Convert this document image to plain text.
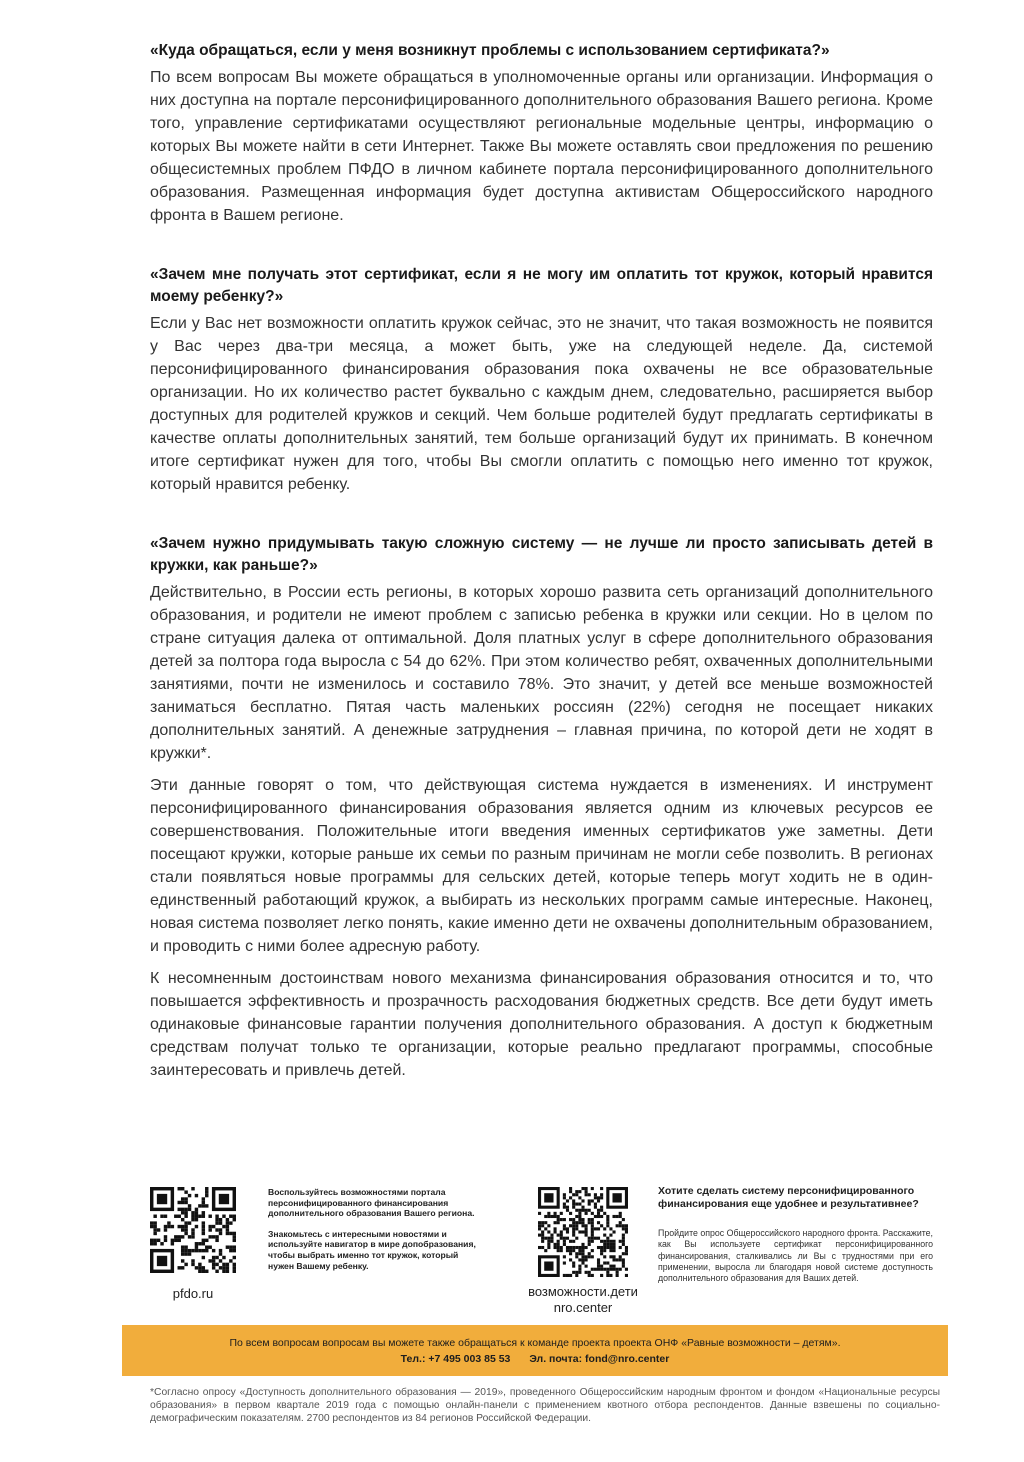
«Куда обращаться, если у меня возникнут проблемы с использованием сертификата?»

По всем вопросам Вы можете обращаться в уполномоченные органы или организации. Информация о них доступна на портале персонифицированного дополнительного образования Вашего региона. Кроме того, управление сертификатами осуществляют региональные модельные центры, информацию о которых Вы можете найти в сети Интернет. Также Вы можете оставлять свои предложения по решению общесистемных проблем ПФДО в личном кабинете портала персонифицированного дополнительного образования. Размещенная информация будет доступна активистам Общероссийского народного фронта в Вашем регионе.

«Зачем мне получать этот сертификат, если я не могу им оплатить тот кружок, который нравится моему ребенку?»

Если у Вас нет возможности оплатить кружок сейчас, это не значит, что такая возможность не появится у Вас через два-три месяца, а может быть, уже на следующей неделе. Да, системой персонифицированного финансирования образования пока охвачены не все образовательные организации. Но их количество растет буквально с каждым днем, следовательно, расширяется выбор доступных для родителей кружков и секций. Чем больше родителей будут предлагать сертификаты в качестве оплаты дополнительных занятий, тем больше организаций будут их принимать. В конечном итоге сертификат нужен для того, чтобы Вы смогли оплатить с помощью него именно тот кружок, который нравится ребенку.

«Зачем нужно придумывать такую сложную систему — не лучше ли просто записывать детей в кружки, как раньше?»

Действительно, в России есть регионы, в которых хорошо развита сеть организаций дополнительного образования, и родители не имеют проблем с записью ребенка в кружки или секции. Но в целом по стране ситуация далека от оптимальной. Доля платных услуг в сфере дополнительного образования детей за полтора года выросла с 54 до 62%. При этом количество ребят, охваченных дополнительными занятиями, почти не изменилось и составило 78%. Это значит, у детей все меньше возможностей заниматься бесплатно. Пятая часть маленьких россиян (22%) сегодня не посещает никаких дополнительных занятий. А денежные затруднения – главная причина, по которой дети не ходят в кружки*.

Эти данные говорят о том, что действующая система нуждается в изменениях. И инструмент персонифицированного финансирования образования является одним из ключевых ресурсов ее совершенствования. Положительные итоги введения именных сертификатов уже заметны. Дети посещают кружки, которые раньше их семьи по разным причинам не могли себе позволить. В регионах стали появляться новые программы для сельских детей, которые теперь могут ходить не в один-единственный работающий кружок, а выбирать из нескольких программ самые интересные. Наконец, новая система позволяет легко понять, какие именно дети не охвачены дополнительным образованием, и проводить с ними более адресную работу.

К несомненным достоинствам нового механизма финансирования образования относится и то, что повышается эффективность и прозрачность расходования бюджетных средств. Все дети будут иметь одинаковые финансовые гарантии получения дополнительного образования. А доступ к бюджетным средствам получат только те организации, которые реально предлагают программы, способные заинтересовать и привлечь детей.

pfdo.ru
Воспользуйтесь возможностями портала персонифицированного финансирования дополнительного образования Вашего региона.
Знакомьтесь с интересными новостями и используйте навигатор в мире допобразования, чтобы выбрать именно тот кружок, который нужен Вашему ребенку.
возможности.дети
nro.center
Хотите сделать систему персонифицированного финансирования еще удобнее и результативнее?
Пройдите опрос Общероссийского народного фронта. Расскажите, как Вы используете сертификат персонифицированного финансирования, сталкивались ли Вы с трудностями при его применении, выросла ли благодаря новой системе доступность дополнительного образования для Ваших детей.
По всем вопросам вопросам вы можете также обращаться к команде проекта проекта ОНФ «Равные возможности – детям».
Тел.: +7 495 003 85 53 Эл. почта: fond@nro.center
*Согласно опросу «Доступность дополнительного образования — 2019», проведенного Общероссийским народным фронтом и фондом «Национальные ресурсы образования» в первом квартале 2019 года с помощью онлайн-панели с применением квотного отбора респондентов. Данные взвешены по социально-демографическим показателям. 2700 респондентов из 84 регионов Российской Федерации.
